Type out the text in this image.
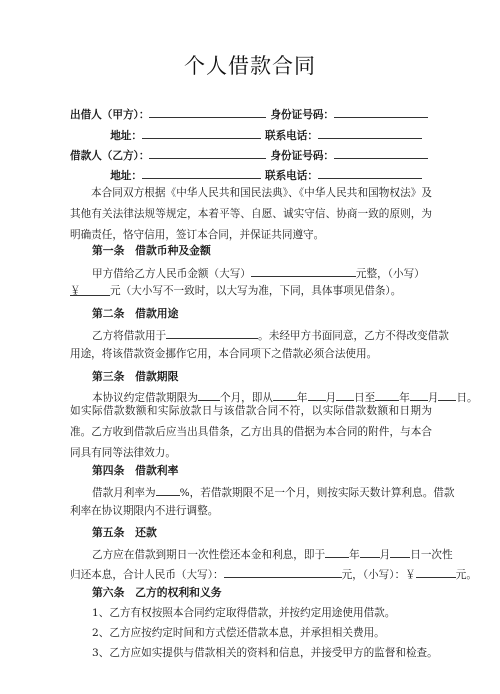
个人借款合同
出借人（甲方）：	身份证号码：
地址：	联系电话：
借款人（乙方）：	身份证号码：
地址：	联系电话：
本合同双方根据《中华人民共和国民法典》、《中华人民共和国物权法》及其他有关法律法规等规定，本着平等、自愿、诚实守信、协商一致的原则，为明确责任，恪守信用，签订本合同，并保证共同遵守。
第一条　借款币种及金额
甲方借给乙方人民币金额（大写）	元整，（小写）
￥	元（大小写不一致时，以大写为准，下同，具体事项见借条）。
第二条　借款用途
乙方将借款用于	。未经甲方书面同意，乙方不得改变借款
用途，将该借款资金挪作它用，本合同项下之借款必须合法使用。
第三条　借款期限
本协议约定借款期限为 个月，即从 年 月 日至 年 月 日。
如实际借款数额和实际放款日与该借款合同不符，以实际借款数额和日期为准。乙方收到借款后应当出具借条，乙方出具的借据为本合同的附件，与本合同具有同等法律效力。
第四条　借款利率
借款月利率为 %，若借款期限不足一个月，则按实际天数计算利息。借款
利率在协议期限内不进行调整。
第五条　还款
乙方应在借款到期日一次性偿还本金和利息，即于 年 月 日一次性
归还本息，合计人民币（大写）：	元，（小写）：￥	元。
第六条　乙方的权利和义务
1、乙方有权按照本合同约定取得借款，并按约定用途使用借款。
2、乙方应按约定时间和方式偿还借款本息，并承担相关费用。
3、乙方应如实提供与借款相关的资料和信息，并接受甲方的监督和检查。
